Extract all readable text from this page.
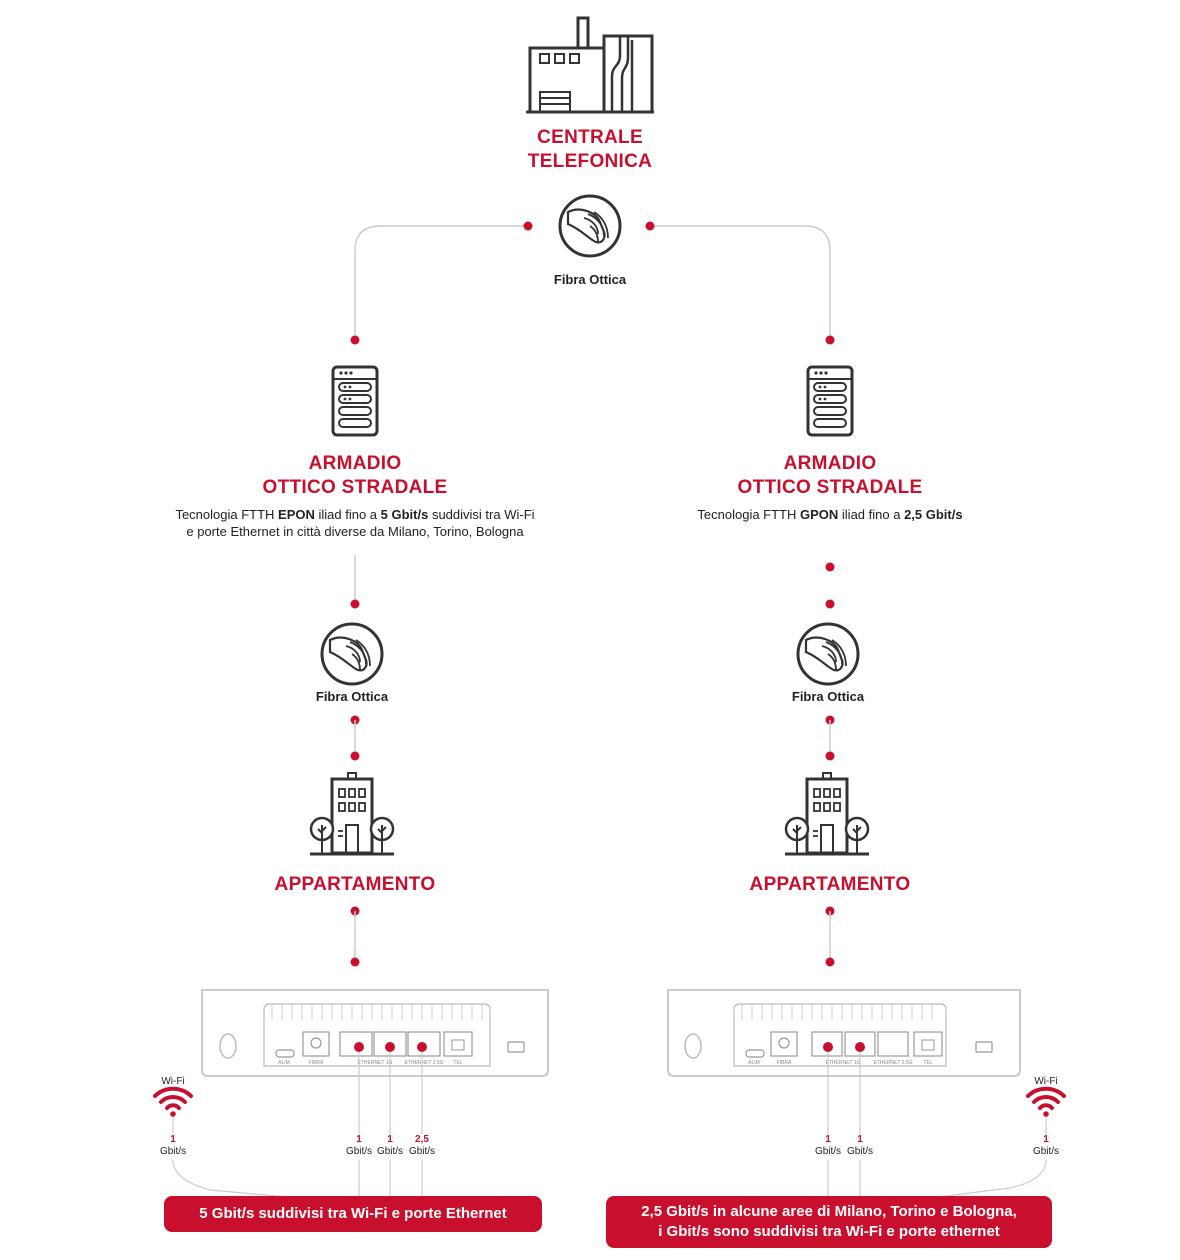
ALIM	FIBRA	ETHERNET 1G ETHERNET 2.5G TEL	ALIM	FIBRA	ETHERNET 1G	ETHERNET 2.5G TEL
CENTRALE
TELEFONICA
Fibra Ottica
ARMADIO
OTTICO STRADALE
Tecnologia FTTH EPON iliad fino a 5 Gbit/s suddivisi tra Wi-Fi
e porte Ethernet in città diverse da Milano, Torino, Bologna
Fibra Ottica
APPARTAMENTO
ARMADIO
OTTICO STRADALE
Tecnologia FTTH GPON iliad fino a 2,5 Gbit/s
Fibra Ottica
APPARTAMENTO
Wi-Fi	Wi-Fi
1
Gbit/s
1
Gbit/s
1
Gbit/s
2,5
Gbit/s
1
Gbit/s
1
Gbit/s
1
Gbit/s
5 Gbit/s suddivisi tra Wi-Fi e porte Ethernet	2,5 Gbit/s in alcune aree di Milano, Torino e Bologna,
i Gbit/s sono suddivisi tra Wi-Fi e porte ethernet
